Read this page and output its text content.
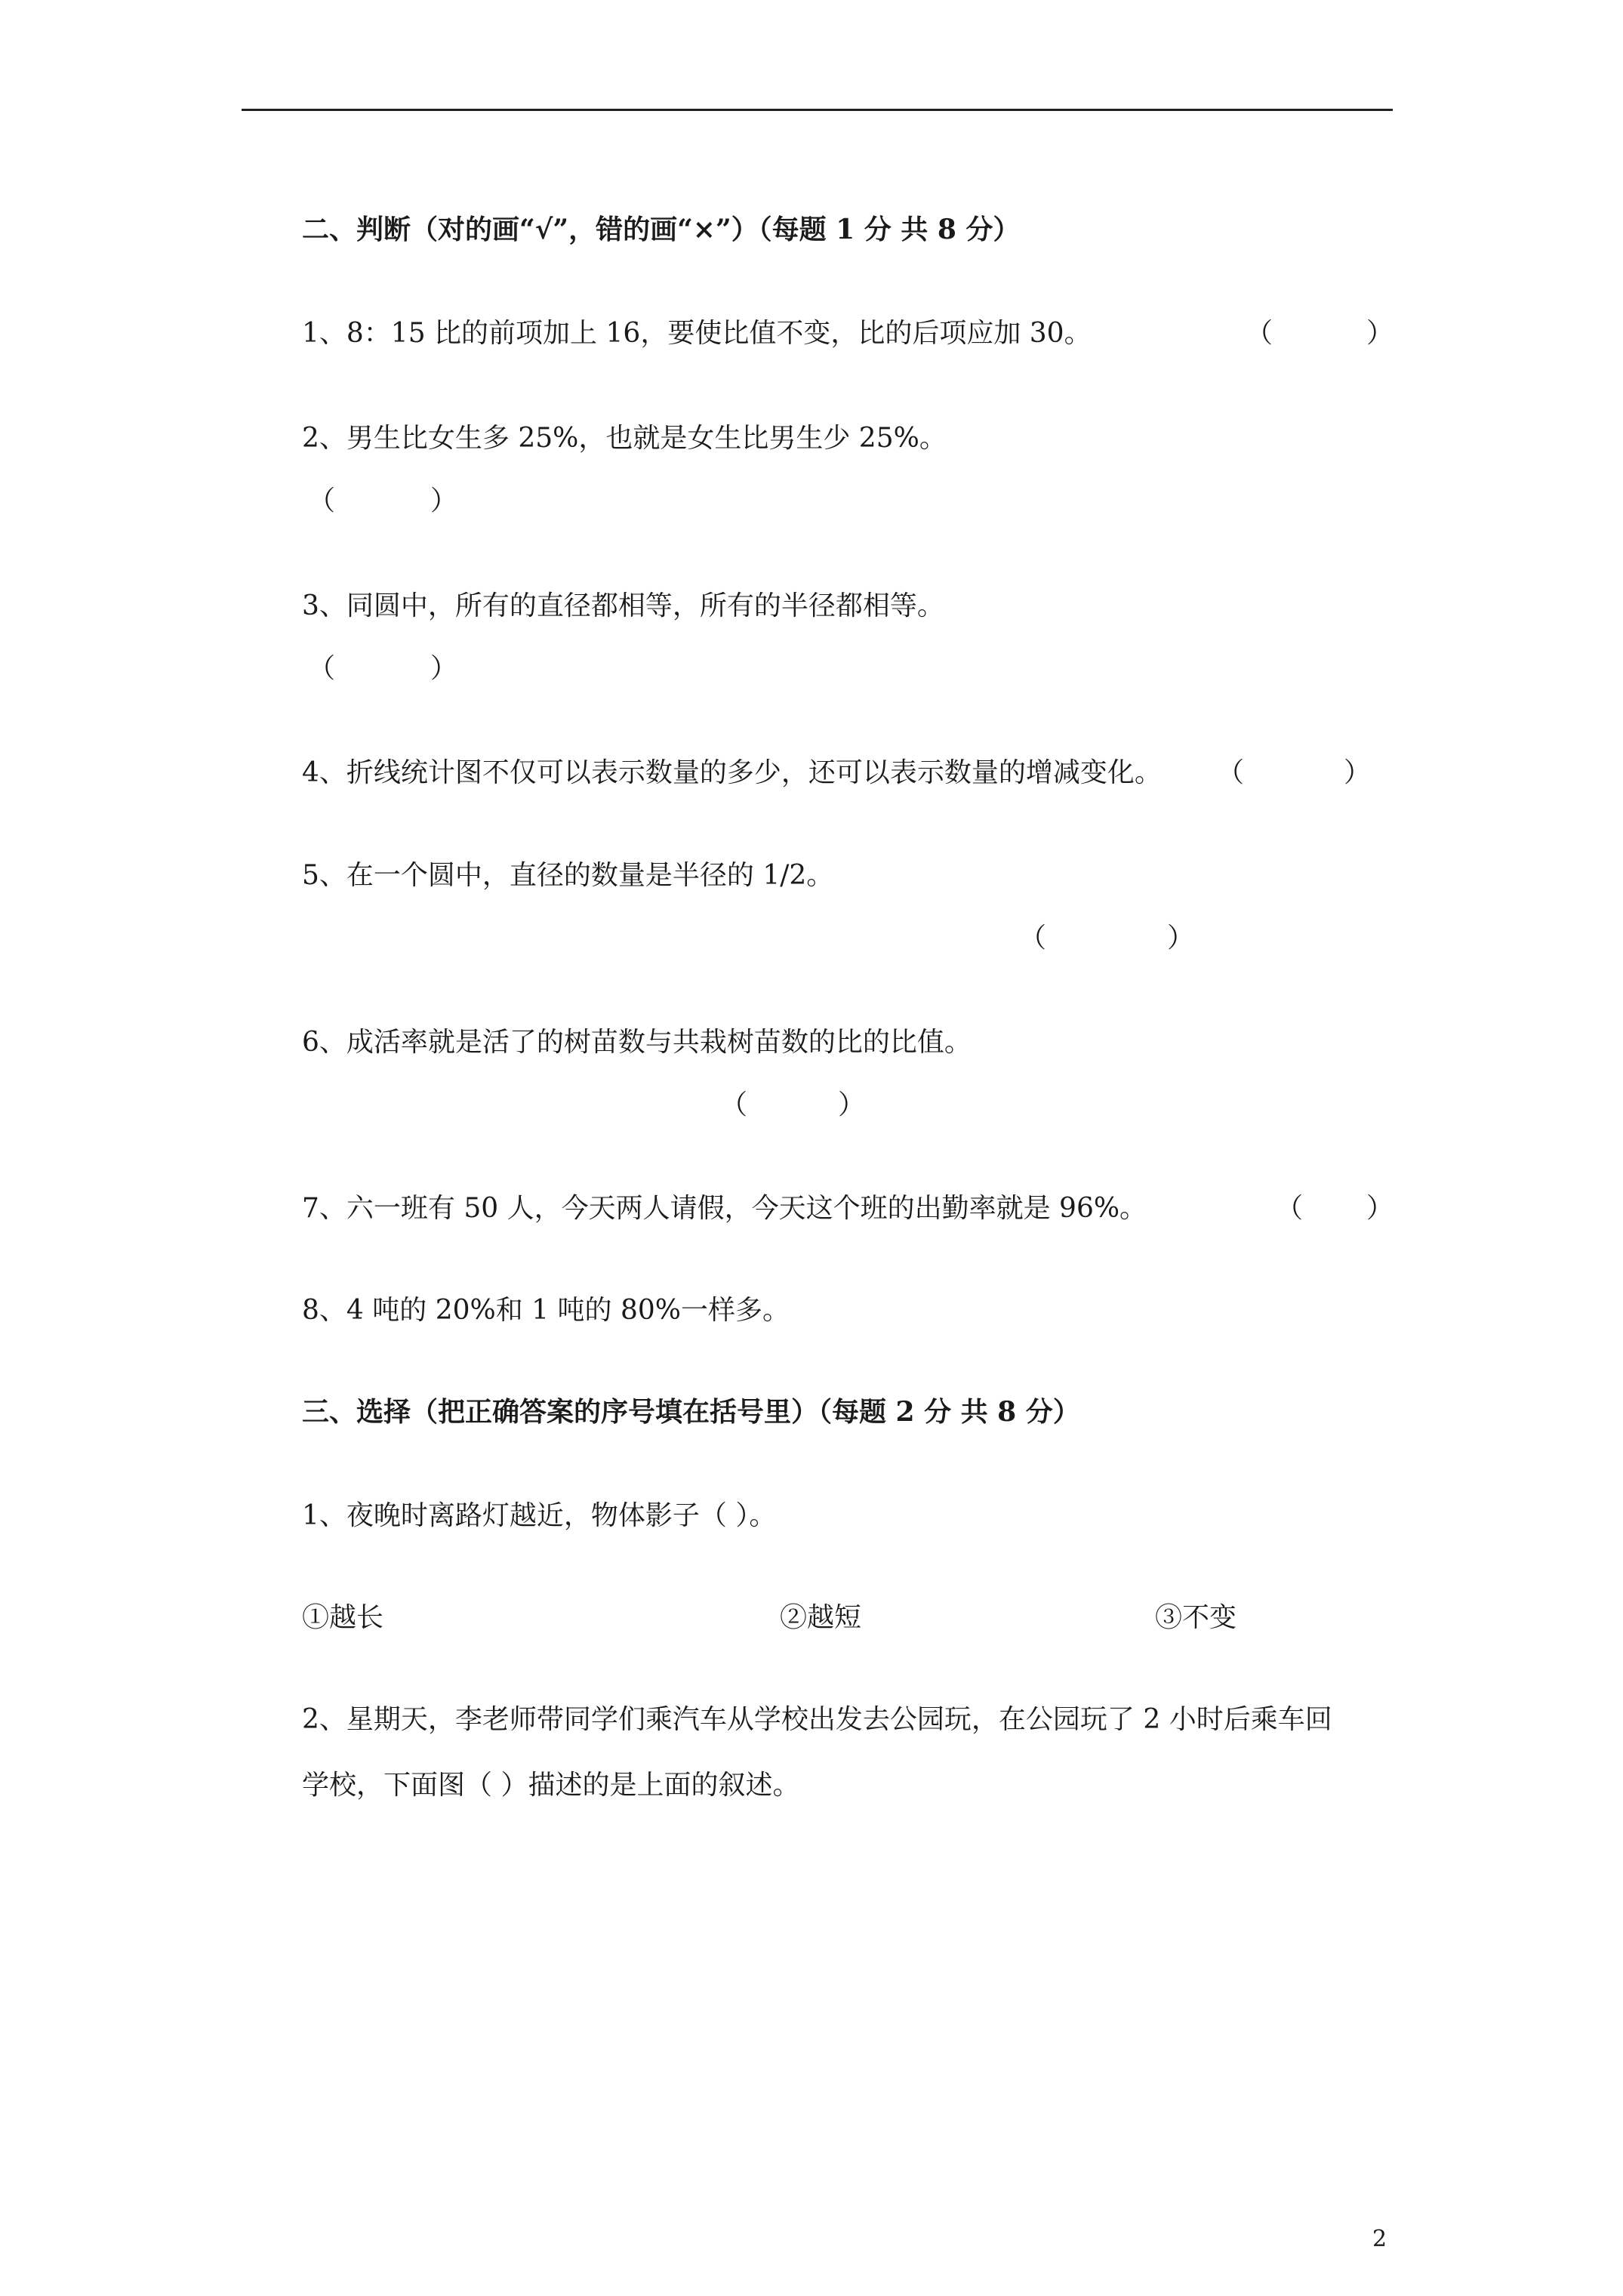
二、判断（对的画“√”，错的画“×”）（每题 1 分 共 8 分）
1、8：15 比的前项加上 16，要使比值不变，比的后项应加 30。	（	）
2、男生比女生多 25%，也就是女生比男生少 25%。
（	）
3、同圆中，所有的直径都相等，所有的半径都相等。
（	）
4、折线统计图不仅可以表示数量的多少，还可以表示数量的增减变化。 （	）
5、在一个圆中，直径的数量是半径的 1/2。
（	）
6、成活率就是活了的树苗数与共栽树苗数的比的比值。
（	）
7、六一班有 50 人，今天两人请假，今天这个班的出勤率就是 96%。	（ ）
8、4 吨的 20%和 1 吨的 80%一样多。
三、选择（把正确答案的序号填在括号里）（每题 2 分 共 8 分）
1、夜晚时离路灯越近，物体影子（ ）。
①越长	②越短	③不变
2、星期天，李老师带同学们乘汽车从学校出发去公园玩，在公园玩了 2 小时后乘车回
学校，下面图（ ）描述的是上面的叙述。
2
